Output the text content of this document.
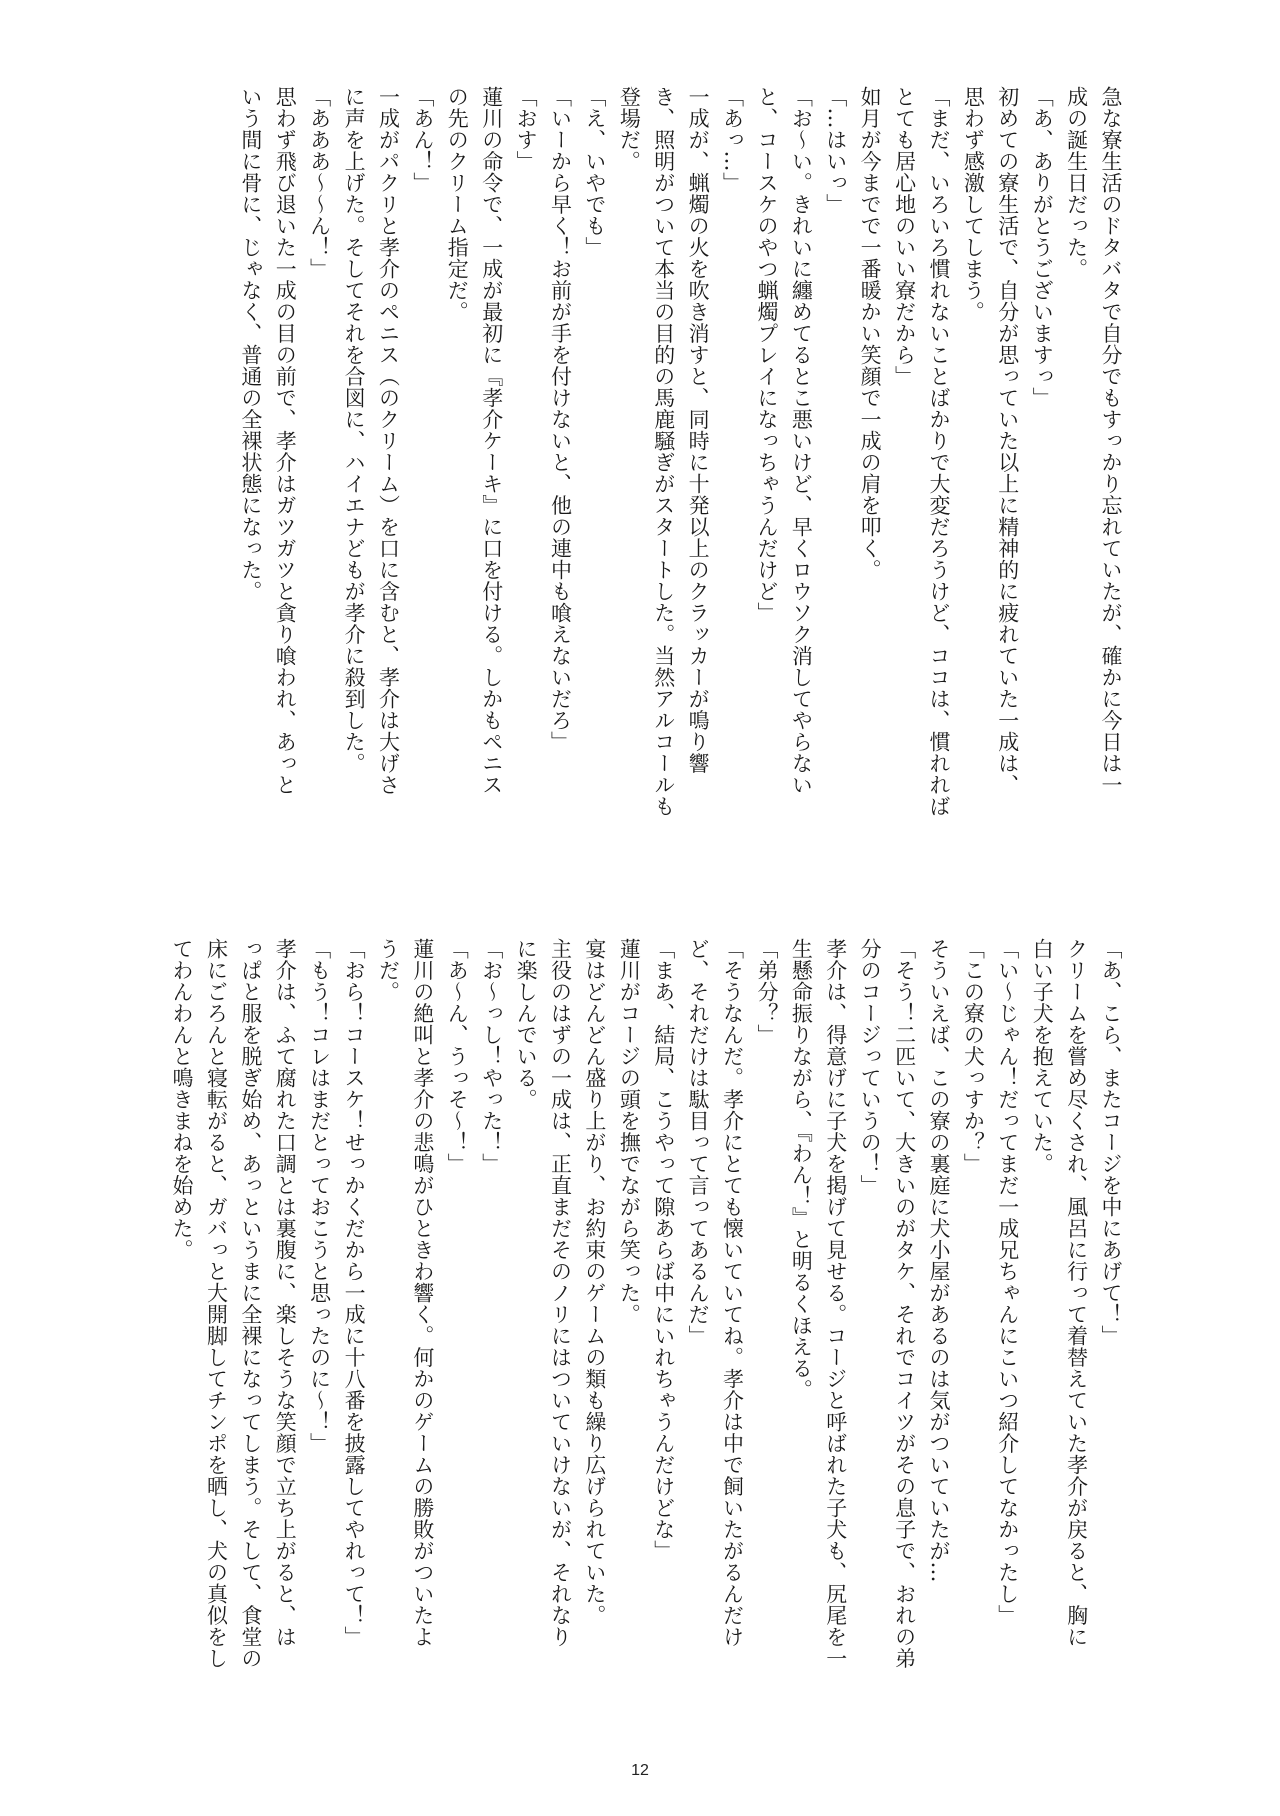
急な寮生活のドタバタで自分でもすっかり忘れていたが、確かに今日は一
成の誕生日だった。
「あ、ありがとうございますっ」
初めての寮生活で、自分が思っていた以上に精神的に疲れていた一成は、
思わず感激してしまう。
「まだ、いろいろ慣れないことばかりで大変だろうけど、ココは、慣れれば
とても居心地のいい寮だから」
如月が今までで一番暖かい笑顔で一成の肩を叩く。
「…はいっ」
「お～い。きれいに纏めてるとこ悪いけど、早くロウソク消してやらない
と、コースケのやつ蝋燭プレイになっちゃうんだけど」
「あっ…」
一成が、蝋燭の火を吹き消すと、同時に十発以上のクラッカーが鳴り響
き、照明がついて本当の目的の馬鹿騒ぎがスタートした。当然アルコールも
登場だ。
「え、いやでも」
「いーから早く！お前が手を付けないと、他の連中も喰えないだろ」
「おす」
蓮川の命令で、一成が最初に『孝介ケーキ』に口を付ける。しかもペニス
の先のクリーム指定だ。
「あん！」
一成がパクリと孝介のペニス（のクリーム）を口に含むと、孝介は大げさ
に声を上げた。そしてそれを合図に、ハイエナどもが孝介に殺到した。
「あああ～～ん！」
思わず飛び退いた一成の目の前で、孝介はガツガツと貪り喰われ、あっと
いう間に骨に、じゃなく、普通の全裸状態になった。
「あ、こら、またコージを中にあげて！」
クリームを嘗め尽くされ、風呂に行って着替えていた孝介が戻ると、胸に
白い子犬を抱えていた。
「い～じゃん！だってまだ一成兄ちゃんにこいつ紹介してなかったし」
「この寮の犬っすか？」
そういえば、この寮の裏庭に犬小屋があるのは気がついていたが…
「そう！二匹いて、大きいのがタケ、それでコイツがその息子で、おれの弟
分のコージっていうの！」
孝介は、得意げに子犬を掲げて見せる。コージと呼ばれた子犬も、尻尾を一
生懸命振りながら、『わん！』と明るくほえる。
「弟分？」
「そうなんだ。孝介にとても懐いていてね。孝介は中で飼いたがるんだけ
ど、それだけは駄目って言ってあるんだ」
「まあ、結局、こうやって隙あらば中にいれちゃうんだけどな」
蓮川がコージの頭を撫でながら笑った。
宴はどんどん盛り上がり、お約束のゲームの類も繰り広げられていた。
主役のはずの一成は、正直まだそのノリにはついていけないが、それなり
に楽しんでいる。
「お～っし！やった！」
「あ～ん、うっそ～！」
蓮川の絶叫と孝介の悲鳴がひときわ響く。何かのゲームの勝敗がついたよ
うだ。
「おら！コースケ！せっかくだから一成に十八番を披露してやれって！」
「もう！コレはまだとっておこうと思ったのに～！」
孝介は、ふて腐れた口調とは裏腹に、楽しそうな笑顔で立ち上がると、は
っぱと服を脱ぎ始め、あっというまに全裸になってしまう。そして、食堂の
床にごろんと寝転がると、ガバっと大開脚してチンポを晒し、犬の真似をし
てわんわんと鳴きまねを始めた。
12
